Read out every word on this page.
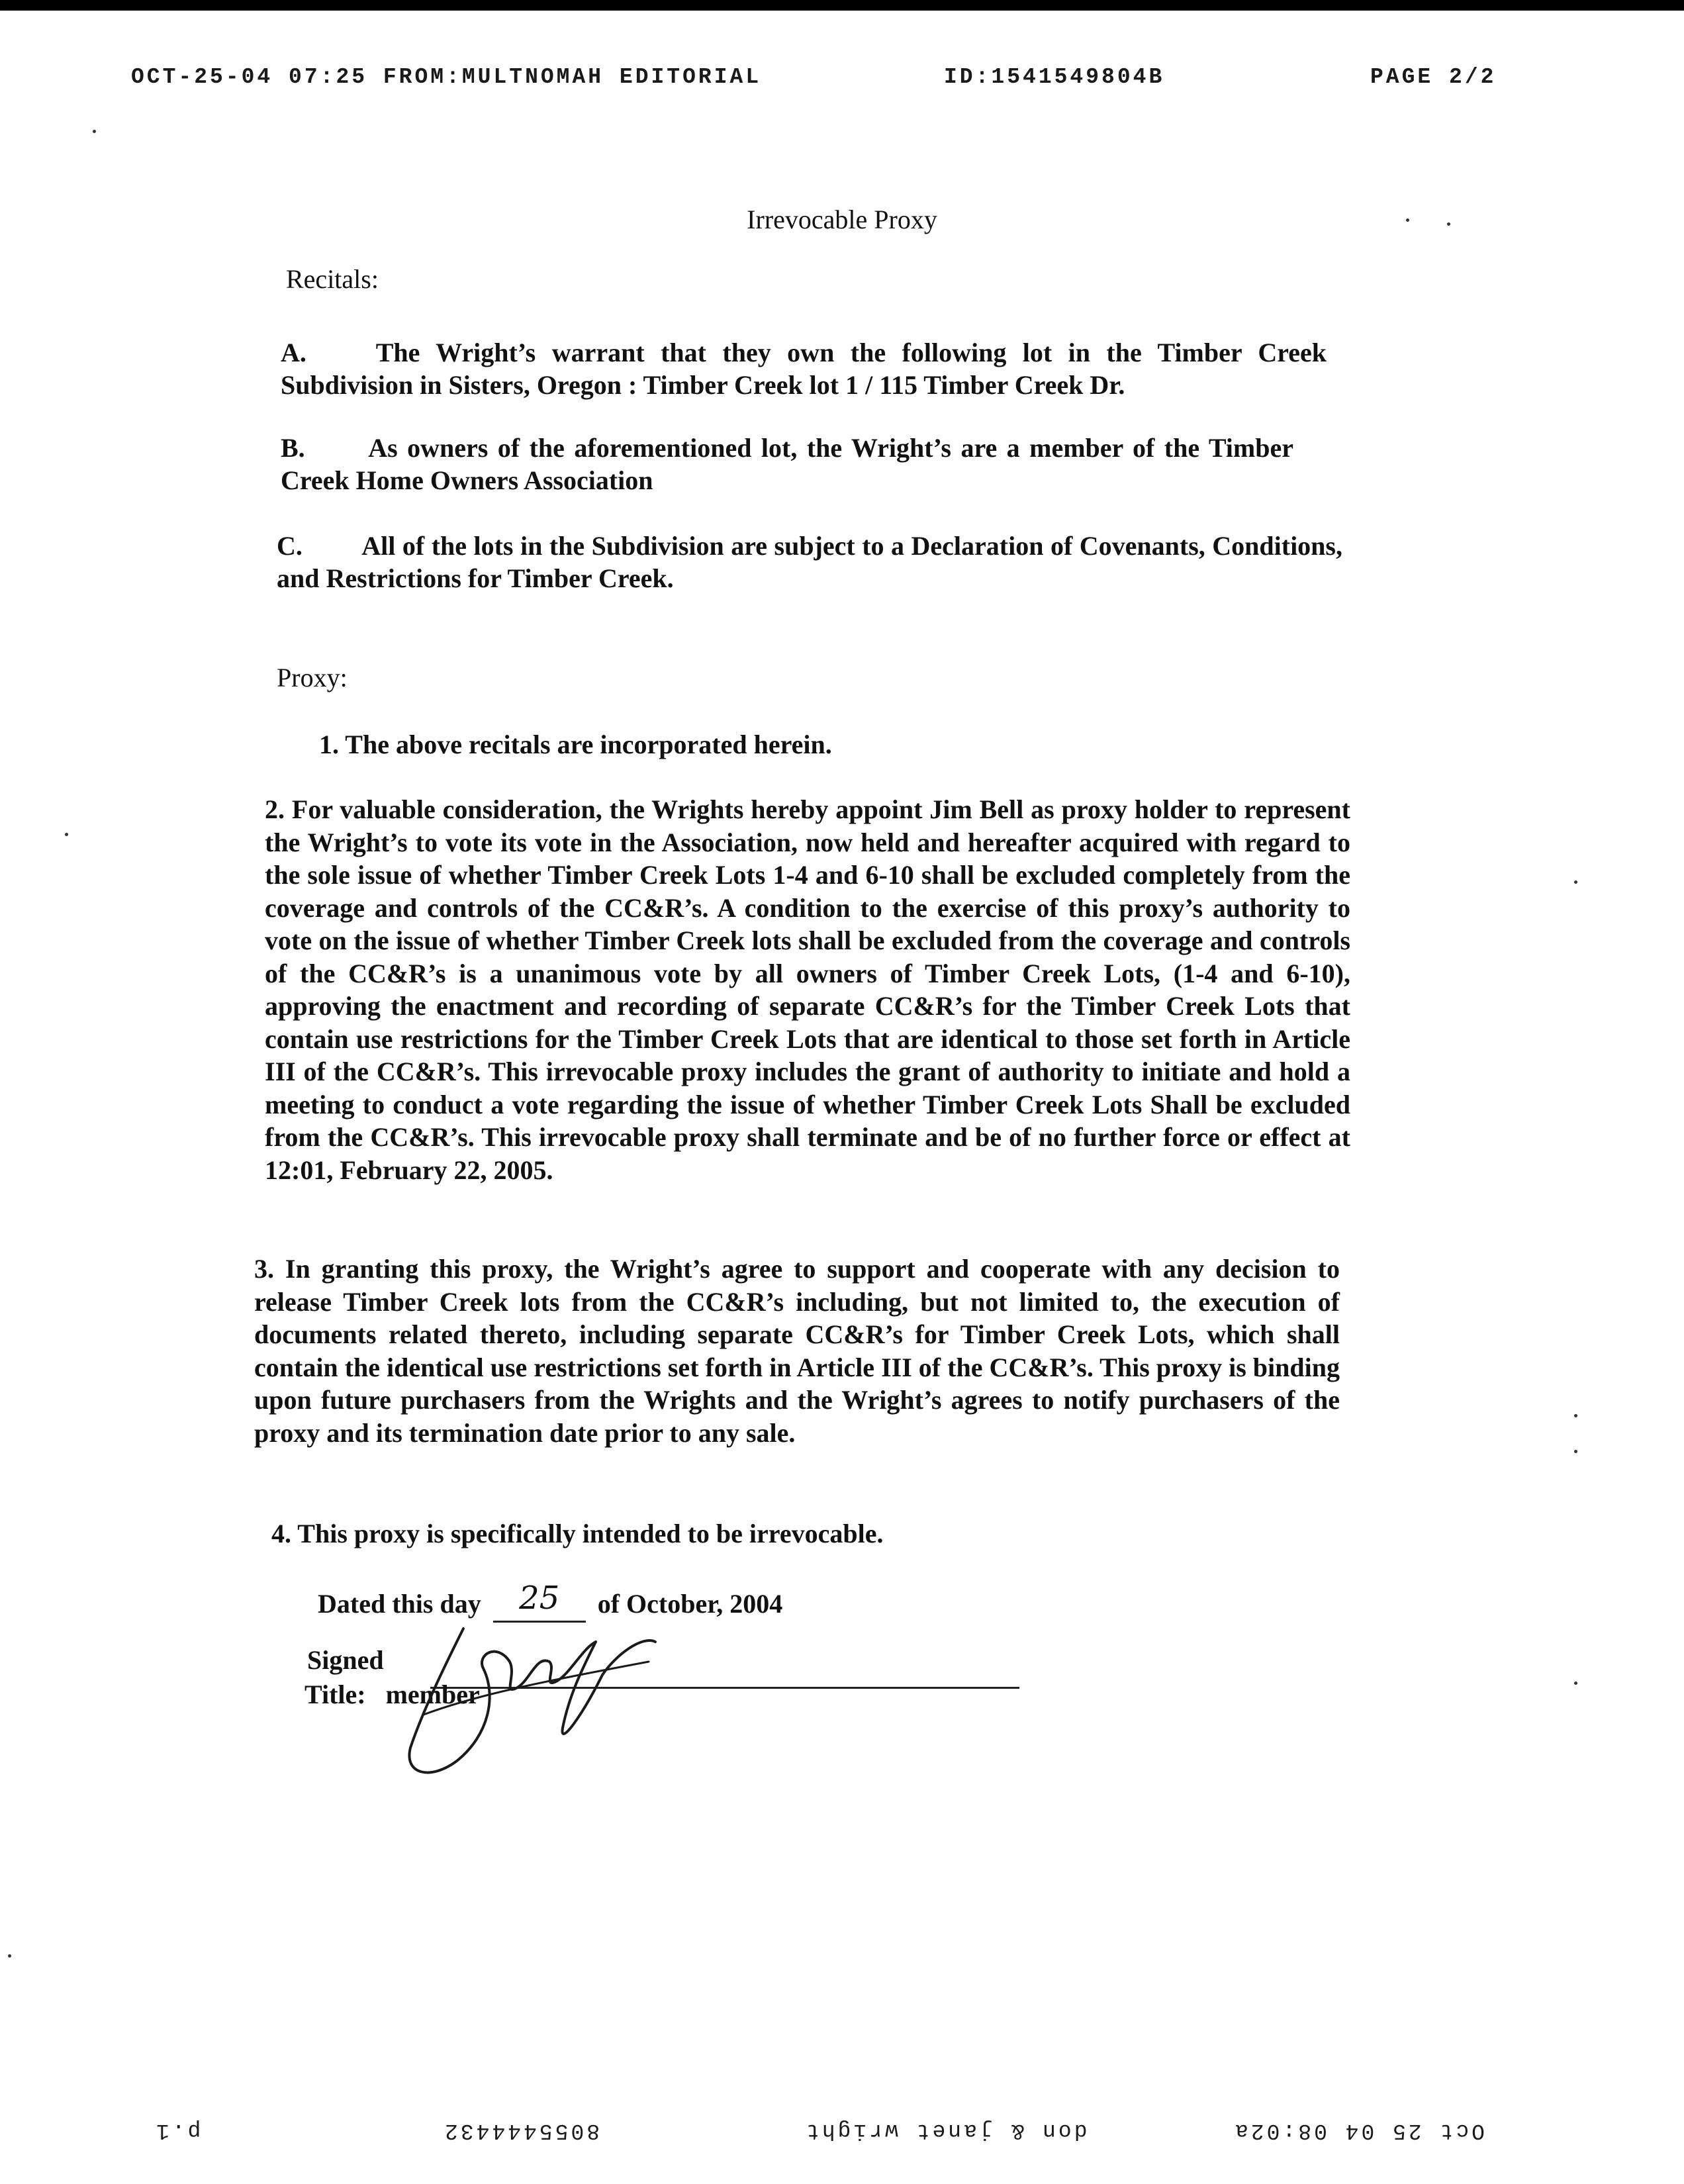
OCT-25-04 07:25 FROM:MULTNOMAH EDITORIAL	ID:1541549804B	PAGE 2/2
Irrevocable Proxy
Recitals:
A.	The Wright’s warrant that they own the following lot in the Timber Creek Subdivision in Sisters, Oregon : Timber Creek lot 1 / 115 Timber Creek Dr.
B. As owners of the aforementioned lot, the Wright’s are a member of the Timber Creek Home Owners Association
C. All of the lots in the Subdivision are subject to a Declaration of Covenants, Conditions, and Restrictions for Timber Creek.
Proxy:
1. The above recitals are incorporated herein.
2. For valuable consideration, the Wrights hereby appoint Jim Bell as proxy holder to represent the Wright’s to vote its vote in the Association, now held and hereafter acquired with regard to the sole issue of whether Timber Creek Lots 1-4 and 6-10 shall be excluded completely from the coverage and controls of the CC&R’s. A condition to the exercise of this proxy’s authority to vote on the issue of whether Timber Creek lots shall be excluded from the coverage and controls of the CC&R’s is a unanimous vote by all owners of Timber Creek Lots, (1-4 and 6-10), approving the enactment and recording of separate CC&R’s for the Timber Creek Lots that contain use restrictions for the Timber Creek Lots that are identical to those set forth in Article III of the CC&R’s. This irrevocable proxy includes the grant of authority to initiate and hold a meeting to conduct a vote regarding the issue of whether Timber Creek Lots Shall be excluded from the CC&R’s. This irrevocable proxy shall terminate and be of no further force or effect at 12:01, February 22, 2005.
3. In granting this proxy, the Wright’s agree to support and cooperate with any decision to release Timber Creek lots from the CC&R’s including, but not limited to, the execution of documents related thereto, including separate CC&R’s for Timber Creek Lots, which shall contain the identical use restrictions set forth in Article III of the CC&R’s. This proxy is binding upon future purchasers from the Wrights and the Wright’s agrees to notify purchasers of the proxy and its termination date prior to any sale.
4. This proxy is specifically intended to be irrevocable.
Dated this day 25 of October, 2004
Signed
Title: member
Oct 25 04 08:02a
don & janet wright
8055444432
p.1
